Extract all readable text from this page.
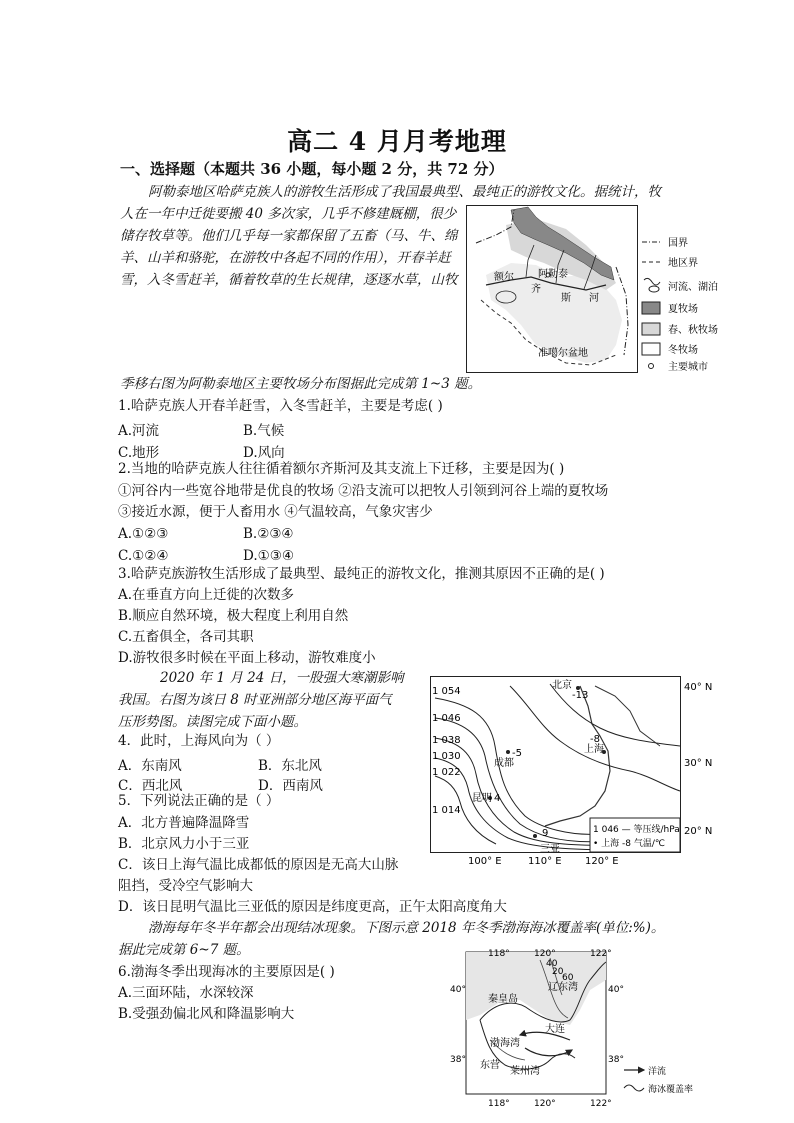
高二 4 月月考地理
一、选择题（本题共 36 小题，每小题 2 分，共 72 分）
阿勒泰地区哈萨克族人的游牧生活形成了我国最典型、最纯正的游牧文化。据统计，牧
人在一年中迁徙要搬 40 多次家，几乎不修建厩棚，很少
储存牧草等。他们几乎每一家都保留了五畜（马、牛、绵
羊、山羊和骆驼，在游牧中各起不同的作用），开春羊赶
雪，入冬雪赶羊，循着牧草的生长规律，逐逐水草，山牧
季移右图为阿勒泰地区主要牧场分布图据此完成第 1~3 题。
额尔 阿勒泰
齐
斯 河
准噶尔盆地
国界
地区界
河流、湖泊
夏牧场
春、秋牧场
冬牧场
主要城市
1.哈萨克族人开春羊赶雪，入冬雪赶羊，主要是考虑( )
A.河流	B.气候
C.地形	D.风向
2.当地的哈萨克族人往往循着额尔齐斯河及其支流上下迁移，主要是因为( )
①河谷内一些宽谷地带是优良的牧场 ②沿支流可以把牧人引领到河谷上端的夏牧场
③接近水源，便于人畜用水 ④气温较高，气象灾害少
A.①②③	B.②③④
C.①②④	D.①③④
3.哈萨克族游牧生活形成了最典型、最纯正的游牧文化，推测其原因不正确的是( )
A.在垂直方向上迁徙的次数多
B.顺应自然环境，极大程度上利用自然
C.五畜俱全，各司其职
D.游牧很多时候在平面上移动，游牧难度小
2020 年 1 月 24 日，一股强大寒潮影响
我国。右图为该日 8 时亚洲部分地区海平面气
压形势图。读图完成下面小题。
4．此时，上海风向为（ ）
A．东南风	B．东北风
C．西北风	D．西南风
5．下列说法正确的是（ ）
A．北方普遍降温降雪
B．北京风力小于三亚
C．该日上海气温比成都低的原因是无高大山脉
阻挡，受冷空气影响大
D．该日昆明气温比三亚低的原因是纬度更高，正午太阳高度角大
1 054
1 046
1 038
1 030
1 022
1 014
北京
-13
成都
-5	上海
-8
昆明 4
三亚
9	1 046 — 等压线/hPa
• 上海 -8 气温/℃
40° N
30° N
20° N
100° E	110° E 120° E
渤海每年冬半年都会出现结冰现象。下图示意 2018 年冬季渤海海冰覆盖率(单位:%)。
据此完成第 6~7 题。
6.渤海冬季出现海冰的主要原因是( )
A.三面环陆，水深较深
B.受强劲偏北风和降温影响大
118°	120°	122°
40°
38°
40°
38°
118°	120°	122°
秦皇岛
辽东湾
渤海湾
大连
东营
莱州湾
20
40
60
洋流
海冰覆盖率
